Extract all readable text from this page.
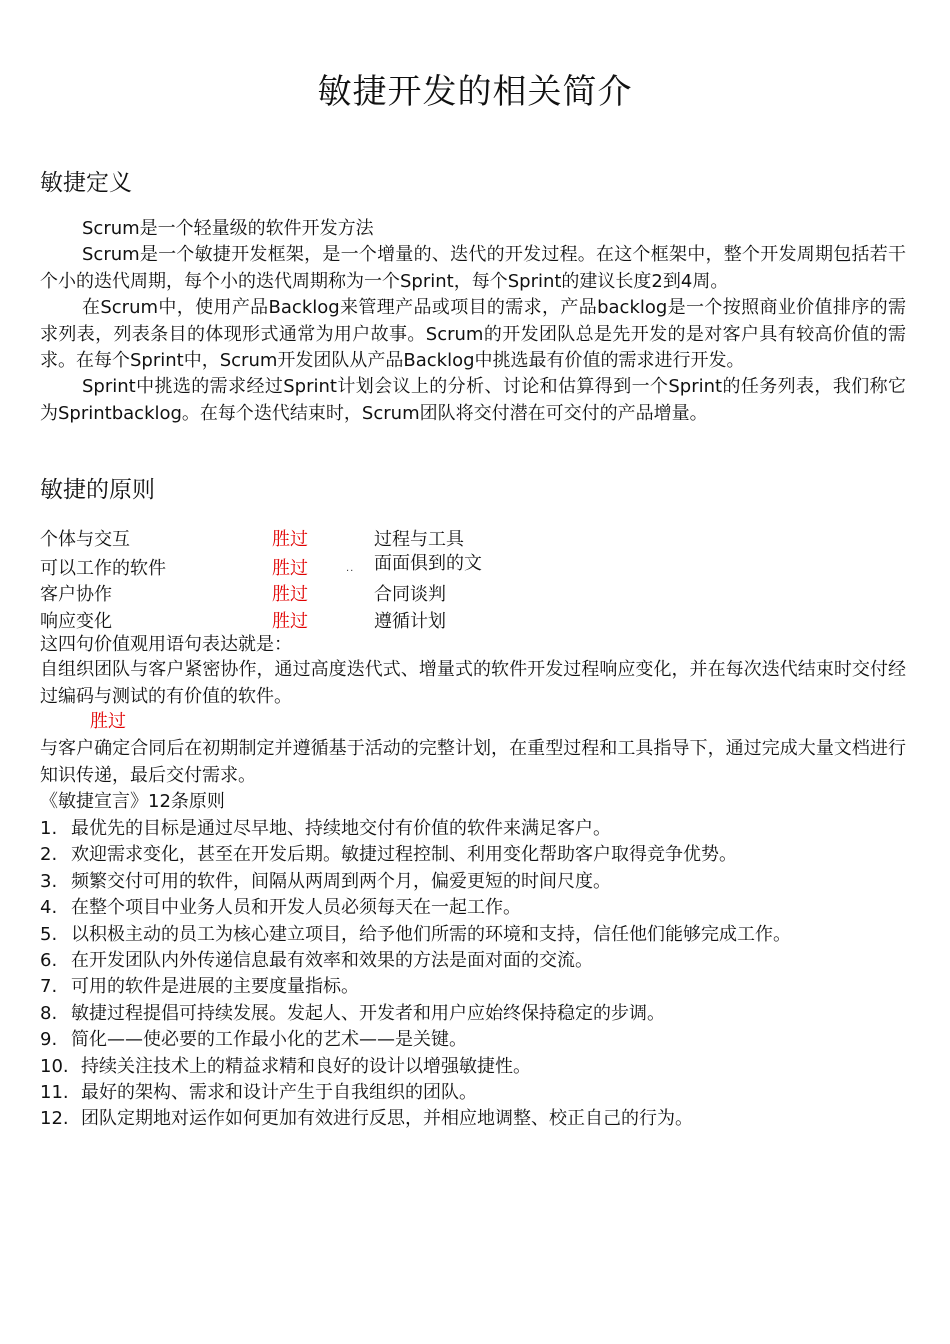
敏捷开发的相关简介
敏捷定义

Scrum是一个轻量级的软件开发方法

Scrum是一个敏捷开发框架，是一个增量的、迭代的开发过程。在这个框架中，整个开发周期包括若干个小的迭代周期，每个小的迭代周期称为一个Sprint，每个Sprint的建议长度2到4周。

在Scrum中，使用产品Backlog来管理产品或项目的需求，产品backlog是一个按照商业价值排序的需求列表，列表条目的体现形式通常为用户故事。Scrum的开发团队总是先开发的是对客户具有较高价值的需求。在每个Sprint中，Scrum开发团队从产品Backlog中挑选最有价值的需求进行开发。

Sprint中挑选的需求经过Sprint计划会议上的分析、讨论和估算得到一个Sprint的任务列表，我们称它为Sprintbacklog。在每个迭代结束时，Scrum团队将交付潜在可交付的产品增量。

敏捷的原则
个体与交互	胜过	过程与工具
可以工作的软件	胜过	面面俱到的文
··
客户协作	胜过	合同谈判
响应变化	胜过	遵循计划

这四句价值观用语句表达就是：

自组织团队与客户紧密协作，通过高度迭代式、增量式的软件开发过程响应变化，并在每次迭代结束时交付经过编码与测试的有价值的软件。

胜过

与客户确定合同后在初期制定并遵循基于活动的完整计划，在重型过程和工具指导下，通过完成大量文档进行知识传递，最后交付需求。

《敏捷宣言》12条原则

1. 最优先的目标是通过尽早地、持续地交付有价值的软件来满足客户。
2. 欢迎需求变化，甚至在开发后期。敏捷过程控制、利用变化帮助客户取得竞争优势。
3. 频繁交付可用的软件，间隔从两周到两个月，偏爱更短的时间尺度。
4. 在整个项目中业务人员和开发人员必须每天在一起工作。
5. 以积极主动的员工为核心建立项目，给予他们所需的环境和支持，信任他们能够完成工作。
6. 在开发团队内外传递信息最有效率和效果的方法是面对面的交流。
7. 可用的软件是进展的主要度量指标。
8. 敏捷过程提倡可持续发展。发起人、开发者和用户应始终保持稳定的步调。
9. 简化——使必要的工作最小化的艺术——是关键。
10. 持续关注技术上的精益求精和良好的设计以增强敏捷性。
11. 最好的架构、需求和设计产生于自我组织的团队。
12. 团队定期地对运作如何更加有效进行反思，并相应地调整、校正自己的行为。
